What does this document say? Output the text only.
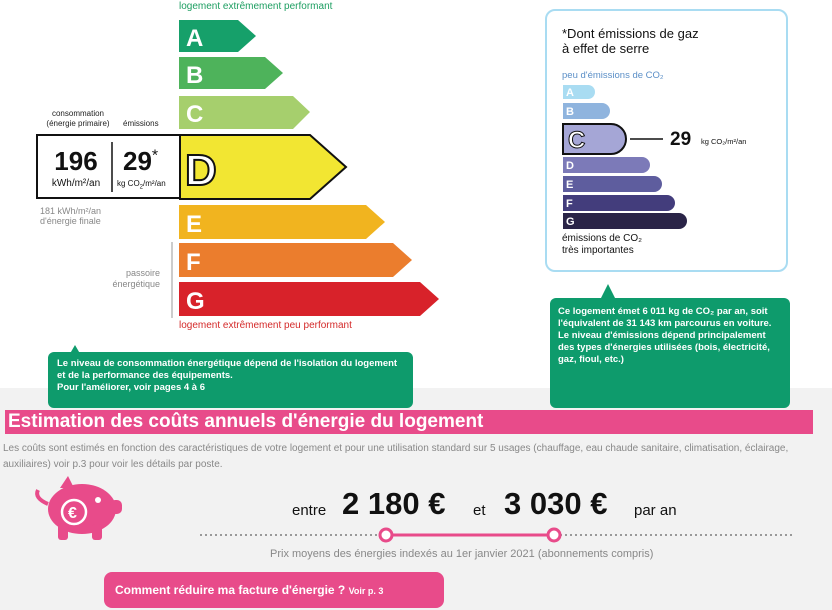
logement extrêmement performant
A
B
C
E
F
G
D
consommation
(énergie primaire)	émissions
196
kWh/m²/an
29*
kg $CO_2/m^2/an$
181 kWh/m²/an
d'énergie finale
passoire
énergétique
logement extrêmement peu performant
Le niveau de consommation énergétique dépend de l'isolation du logement et de la performance des équipements.
Pour l'améliorer, voir pages 4 à 6
*Dont émissions de gaz
à effet de serre
peu d'émissions de CO₂
A
B
C
D
E
F
G
29 kg CO₂/m²/an
émissions de CO₂
très importantes
Ce logement émet 6 011 kg de CO₂ par an, soit l'équivalent de 31 143 km parcourus en voiture.
Le niveau d'émissions dépend principalement des types d'énergies utilisées (bois, électricité, gaz, fioul, etc.)
Estimation des coûts annuels d'énergie du logement
Les coûts sont estimés en fonction des caractéristiques de votre logement et pour une utilisation standard sur 5 usages (chauffage, eau chaude sanitaire, climatisation, éclairage, auxiliaires) voir p.3 pour voir les détails par poste.
€	entre 2 180 € et 3 030 € par an
Prix moyens des énergies indexés au 1er janvier 2021 (abonnements compris)
Comment réduire ma facture d'énergie ? Voir p. 3
